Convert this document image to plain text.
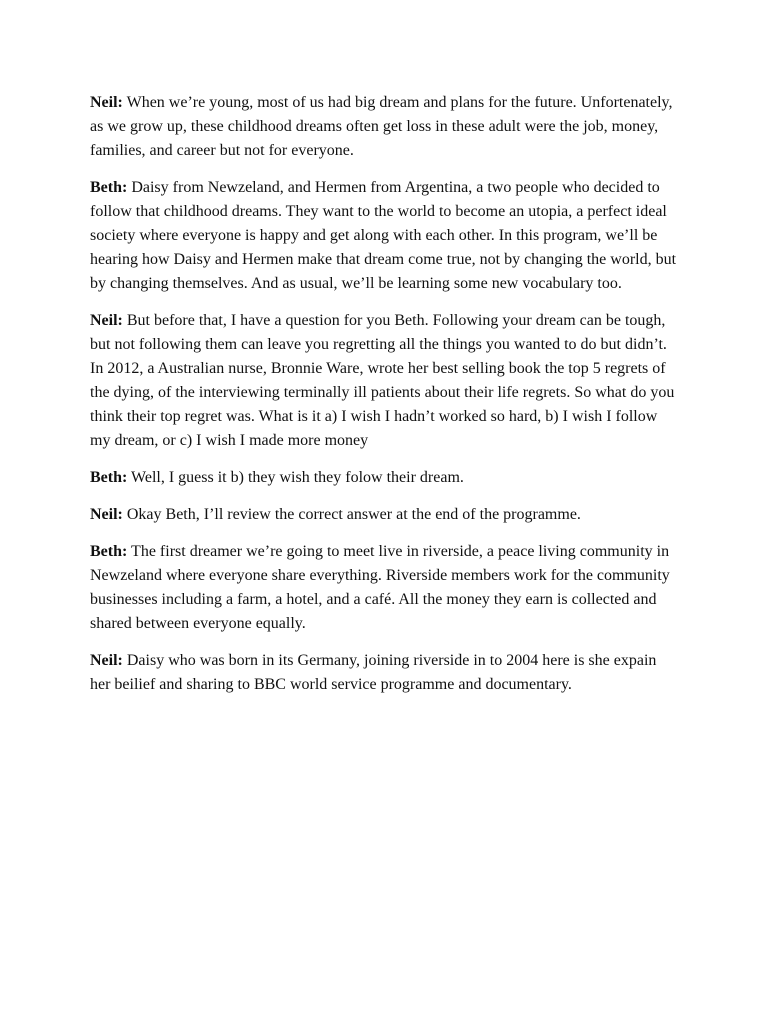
Neil: When we’re young, most of us had big dream and plans for the future. Unfortenately, as we grow up, these childhood dreams often get loss in these adult were the job, money, families, and career but not for everyone.

Beth: Daisy from Newzeland, and Hermen from Argentina, a two people who decided to follow that childhood dreams. They want to the world to become an utopia, a perfect ideal society where everyone is happy and get along with each other. In this program, we’ll be hearing how Daisy and Hermen make that dream come true, not by changing the world, but by changing themselves. And as usual, we’ll be learning some new vocabulary too.

Neil: But before that, I have a question for you Beth. Following your dream can be tough, but not following them can leave you regretting all the things you wanted to do but didn’t. In 2012, a Australian nurse, Bronnie Ware, wrote her best selling book the top 5 regrets of the dying, of the interviewing terminally ill patients about their life regrets. So what do you think their top regret was. What is it a) I wish I hadn’t worked so hard, b) I wish I follow my dream, or c) I wish I made more money

Beth: Well, I guess it b) they wish they folow their dream.

Neil: Okay Beth, I’ll review the correct answer at the end of the programme.

Beth: The first dreamer we’re going to meet live in riverside, a peace living community in Newzeland where everyone share everything. Riverside members work for the community businesses including a farm, a hotel, and a café. All the money they earn is collected and shared between everyone equally.

Neil: Daisy who was born in its Germany, joining riverside in to 2004 here is she expain her beilief and sharing to BBC world service programme and documentary.
